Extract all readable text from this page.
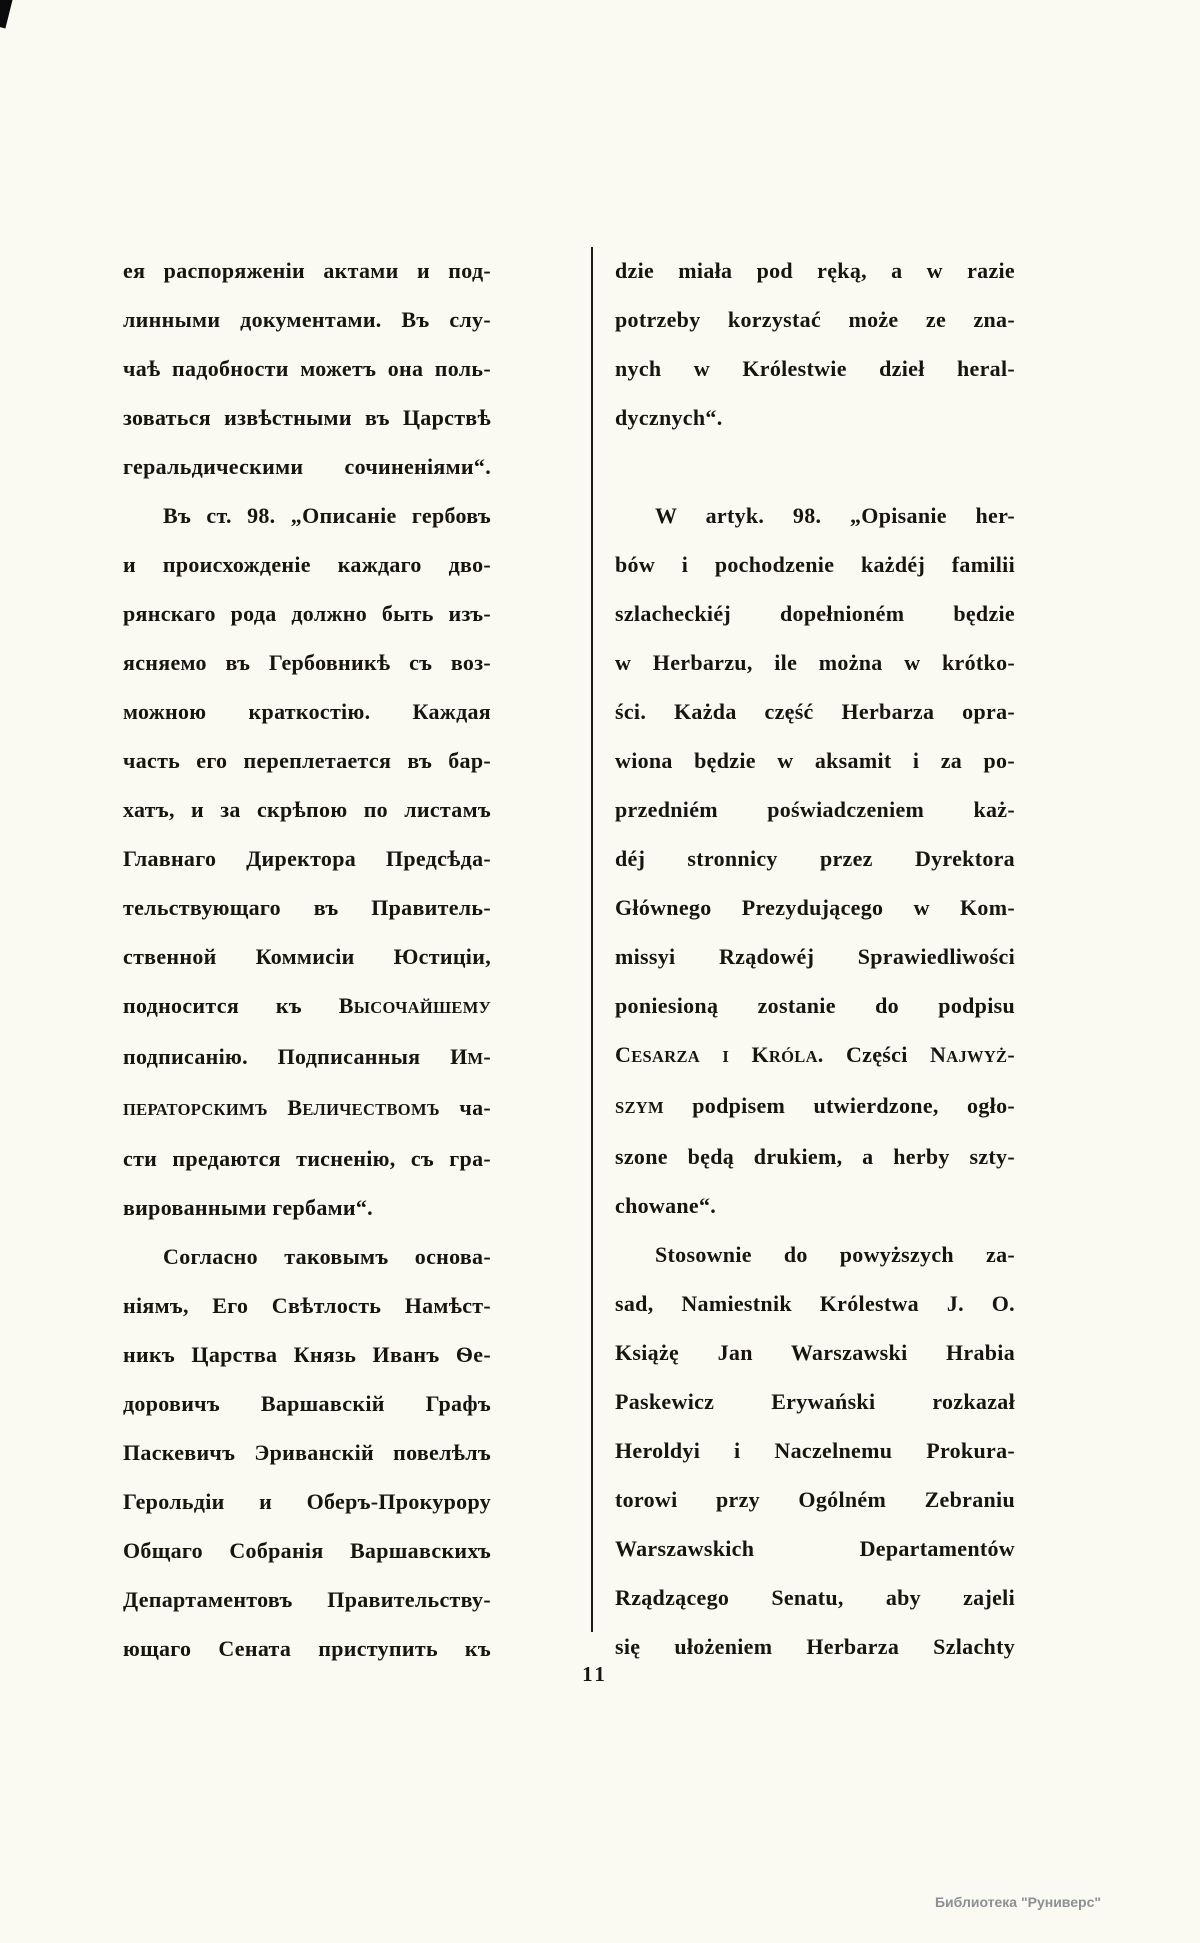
ея распоряженіи актами и под-
линными документами. Въ слу-
чаѣ падобности можетъ она поль-
зоваться извѣстными въ Царствѣ
геральдическими сочиненіями“.
Въ ст. 98. „Описаніе гербовъ
и происхожденіе каждаго дво-
рянскаго рода должно быть изъ-
ясняемо въ Гербовникѣ съ воз-
можною краткостію. Каждая
часть его переплетается въ бар-
хатъ, и за скрѣпою по листамъ
Главнаго Директора Предсѣда-
тельствующаго въ Правитель-
ственной Коммисіи Юстиціи,
подносится къ ВЫСОЧАЙШЕМУ
подписанію. Подписанныя ИМ-
ПЕРАТОРСКИМЪ ВЕЛИЧЕСТВОМЪ ча-
сти предаются тисненію, съ гра-
вированными гербами“.
Согласно таковымъ основа-
ніямъ, Его Свѣтлость Намѣст-
никъ Царства Князь Иванъ Ѳе-
доровичъ Варшавскій Графъ
Паскевичъ Эриванскій повелѣлъ
Герольдіи и Оберъ-Прокурору
Общаго Собранія Варшавскихъ
Департаментовъ Правительству-
ющаго Сената приступить къ
dzie miała pod ręką, a w razie
potrzeby korzystać może ze zna-
nych w Królestwie dzieł heral-
dycznych“.
W artyk. 98. „Opisanie her-
bów i pochodzenie każdéj familii
szlacheckiéj dopełnioném będzie
w Herbarzu, ile można w krótko-
ści. Każda część Herbarza opra-
wiona będzie w aksamit i za po-
przedniém poświadczeniem każ-
déj stronnicy przez Dyrektora
Głównego Prezydującego w Kom-
missyi Rządowéj Sprawiedliwości
poniesioną zostanie do podpisu
CESARZA I KRÓLA. Części NAJWYŻ-
SZYM podpisem utwierdzone, ogło-
szone będą drukiem, a herby szty-
chowane“.
Stosownie do powyższych za-
sad, Namiestnik Królestwa J. O.
Książę Jan Warszawski Hrabia
Paskewicz Erywański rozkazał
Heroldyi i Naczelnemu Prokura-
torowi przy Ogólném Zebraniu
Warszawskich Departamentów
Rządzącego Senatu, aby zajeli
się ułożeniem Herbarza Szlachty
11
Библиотека "Руниверс"
